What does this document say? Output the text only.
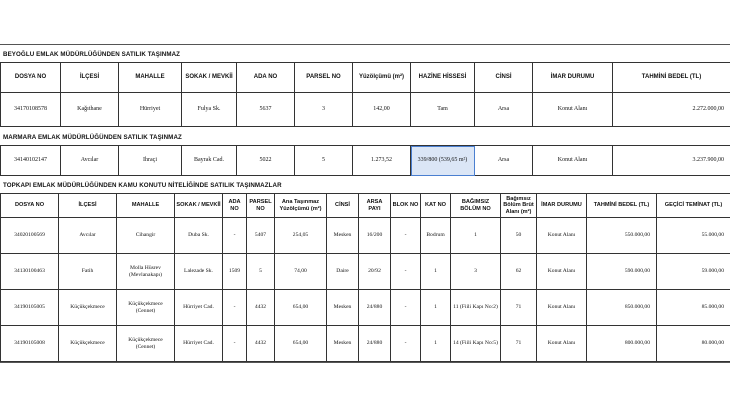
BEYOĞLU EMLAK MÜDÜRLÜĞÜNDEN SATILIK TAŞINMAZ
DOSYA NO	İLÇESİ	MAHALLE	SOKAK / MEVKİİ	ADA NO	PARSEL NO	Yüzölçümü (m²)	HAZİNE HİSSESİ	CİNSİ	İMAR DURUMU	TAHMİNİ BEDEL (TL)
34170108578	Kağıthane	Hürriyet	Fulya Sk.	5637	3	142,00	Tam	Arsa	Konut Alanı	2.272.000,00
MARMARA EMLAK MÜDÜRLÜĞÜNDEN SATILIK TAŞINMAZ
34140102147	Avcılar	Ihraçi	Bayrak Cad.	5022	5	1.273,52	339/800 (539,65 m²)	Arsa	Konut Alanı	3.237.900,00
TOPKAPI EMLAK MÜDÜRLÜĞÜNDEN KAMU KONUTU NİTELİĞİNDE SATILIK TAŞINMAZLAR
DOSYA NO	İLÇESİ	MAHALLE	SOKAK / MEVKİİ	ADA NO	PARSEL NO	Ana Taşınmaz Yüzölçümü (m²)	CİNSİ	ARSA PAYI	BLOK NO	KAT NO	BAĞIMSIZ BÖLÜM NO	Bağımsız Bölüm Brüt Alanı (m²)	İMAR DURUMU	TAHMİNİ BEDEL (TL)	GEÇİCİ TEMİNAT (TL)
34020100569	Avcılar	Cihangir	Duba Sk.	-	5407	254,05	Mesken	16/200	-	Bodrum	1	50	Konut Alanı	550.000,00	55.000,00
34130100463	Fatih	Molla Hüsrev (Mevlanakapı)	Lalezade Sk.	1509	5	74,00	Daire	20/92	-	1	3	62	Konut Alanı	590.000,00	59.000,00
34190105005	Küçükçekmece	Küçükçekmece (Cennet)	Hürriyet Cad.	-	4432	654,00	Mesken	24/880	-	1	11 (Fiili Kapı No:2)	71	Konut Alanı	850.000,00	85.000,00
34190105008	Küçükçekmece	Küçükçekmece (Cennet)	Hürriyet Cad.	-	4432	654,00	Mesken	24/880	-	1	14 (Fiili Kapı No:5)	71	Konut Alanı	800.000,00	80.000,00
